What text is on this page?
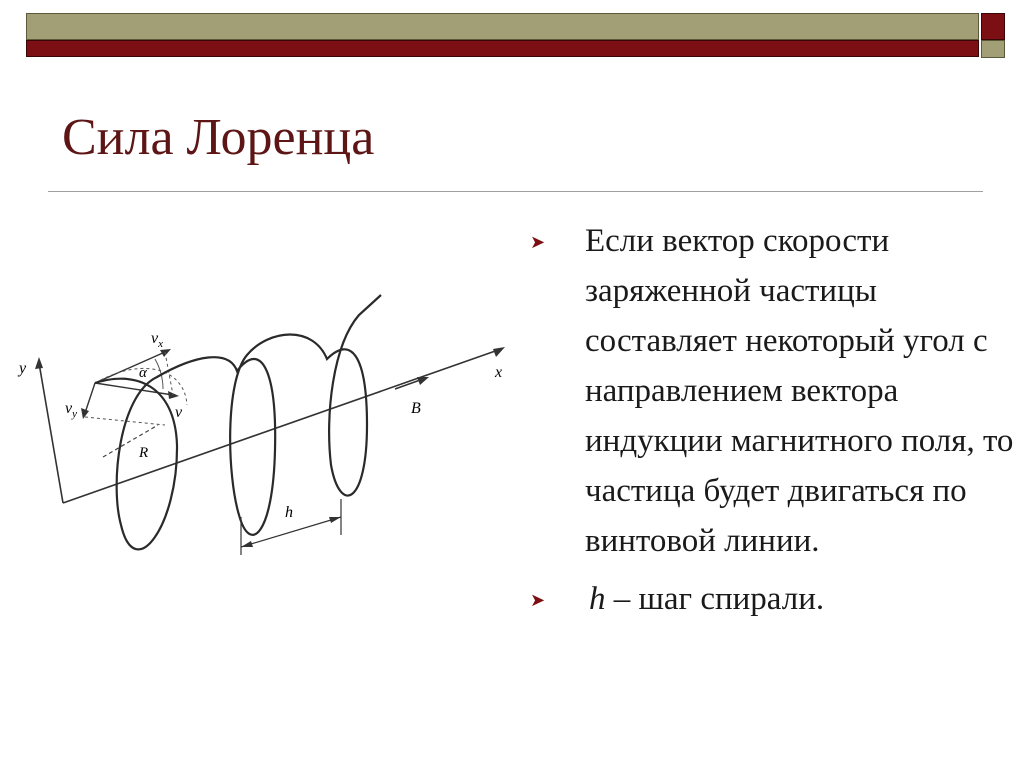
Сила Лоренца
y	x
B
R
h
α
$v_x$
$v_y$	v
➤ Если вектор скорости заряженной частицы составляет некоторый угол с направлением вектора индукции магнитного поля, то частица будет двигаться по винтовой линии.
➤ h – шаг спирали.
